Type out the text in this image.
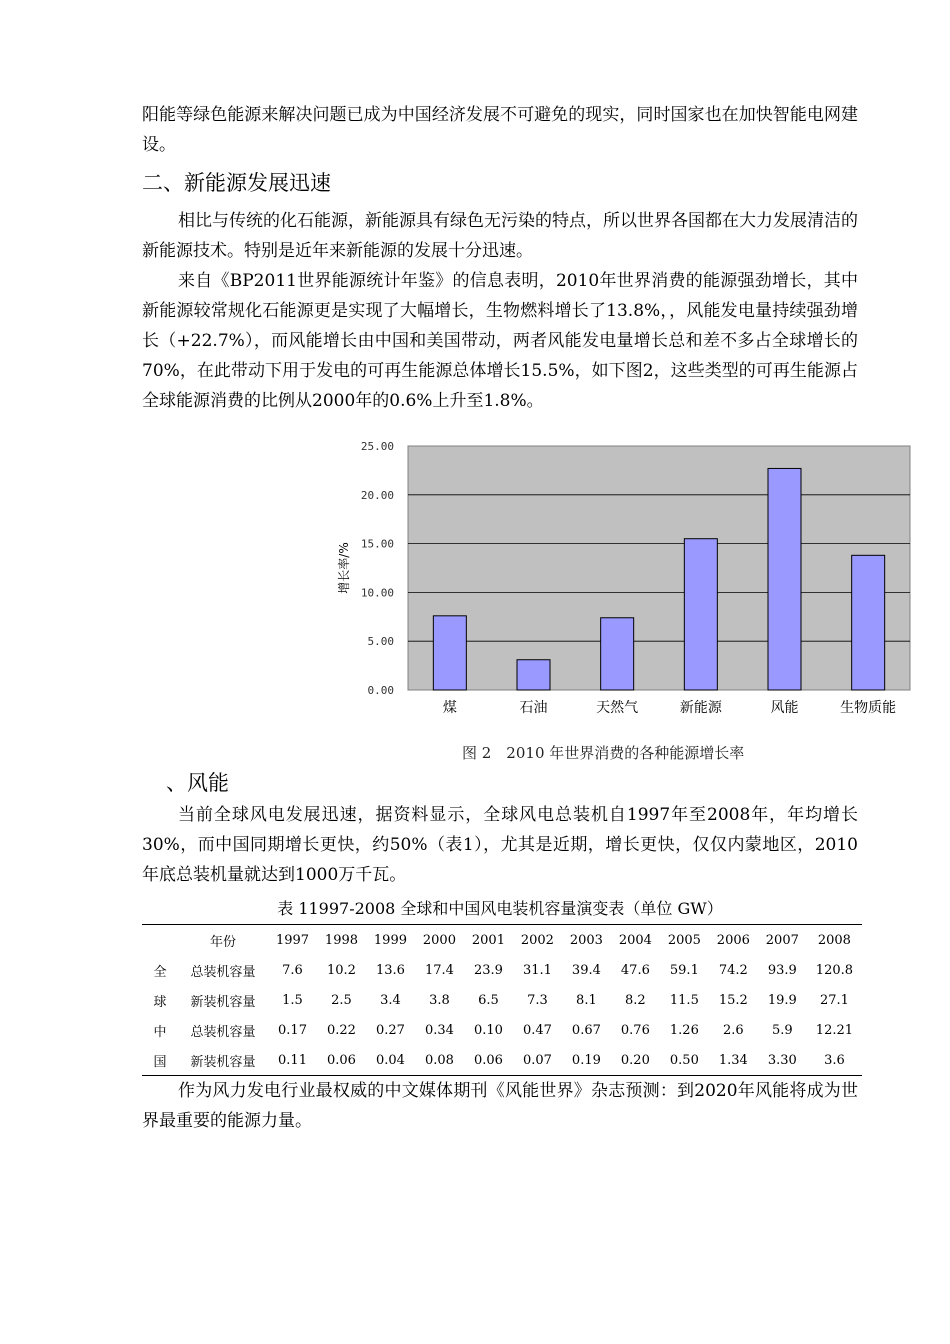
阳能等绿色能源来解决问题已成为中国经济发展不可避免的现实，同时国家也在加快智能电网建设。

二、新能源发展迅速

相比与传统的化石能源，新能源具有绿色无污染的特点，所以世界各国都在大力发展清洁的新能源技术。特别是近年来新能源的发展十分迅速。

来自《BP2011世界能源统计年鉴》的信息表明，2010年世界消费的能源强劲增长，其中新能源较常规化石能源更是实现了大幅增长，生物燃料增长了13.8%，，风能发电量持续强劲增长（+22.7%），而风能增长由中国和美国带动，两者风能发电量增长总和差不多占全球增长的70%，在此带动下用于发电的可再生能源总体增长15.5%，如下图2，这些类型的可再生能源占全球能源消费的比例从2000年的0.6%上升至1.8%。

0.00
5.00
10.00
15.00
20.00
25.00
煤	石油	天然气	新能源	风能	生物质能
增长率/%
图 2　2010 年世界消费的各种能源增长率
、风能

当前全球风电发展迅速，据资料显示，全球风电总装机自1997年至2008年，年均增长30%，而中国同期增长更快，约50%（表1），尤其是近期，增长更快，仅仅内蒙地区，2010年底总装机量就达到1000万千瓦。

表 11997-2008 全球和中国风电装机容量演变表（单位 GW）
	年份	1997	1998	1999	2000	2001	2002	2003	2004	2005	2006	2007	2008
全	总装机容量	7.6	10.2	13.6	17.4	23.9	31.1	39.4	47.6	59.1	74.2	93.9	120.8
球	新装机容量	1.5	2.5	3.4	3.8	6.5	7.3	8.1	8.2	11.5	15.2	19.9	27.1
中	总装机容量	0.17	0.22	0.27	0.34	0.10	0.47	0.67	0.76	1.26	2.6	5.9	12.21
国	新装机容量	0.11	0.06	0.04	0.08	0.06	0.07	0.19	0.20	0.50	1.34	3.30	3.6

作为风力发电行业最权威的中文媒体期刊《风能世界》杂志预测：到2020年风能将成为世界最重要的能源力量。
